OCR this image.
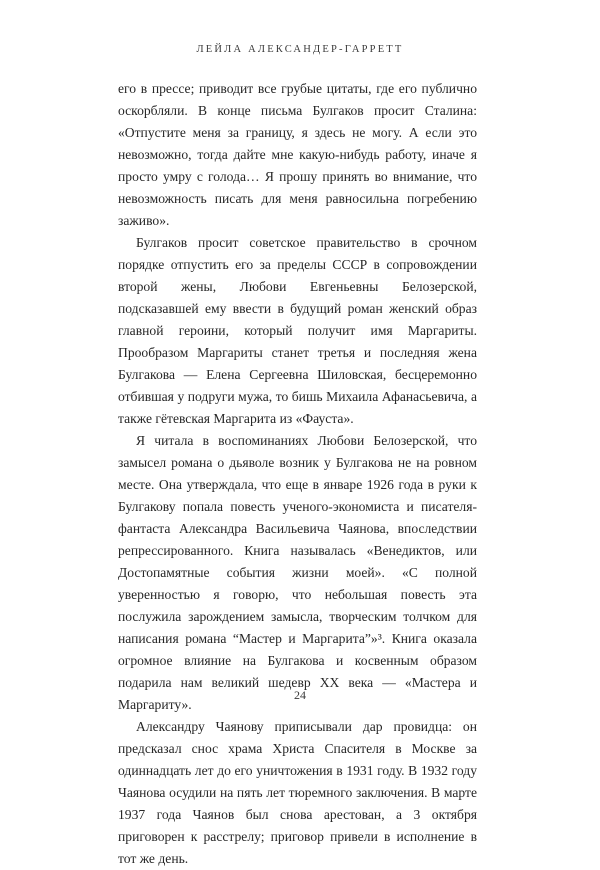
ЛЕЙЛА АЛЕКСАНДЕР-ГАРРЕТТ

его в прессе; приводит все грубые цитаты, где его публично оскорбляли. В конце письма Булгаков просит Сталина: «Отпустите меня за границу, я здесь не могу. А если это невозможно, тогда дайте мне какую-нибудь работу, иначе я просто умру с голода… Я прошу принять во внимание, что невозможность писать для меня равносильна погребению заживо».

Булгаков просит советское правительство в срочном порядке отпустить его за пределы СССР в сопровождении второй жены, Любови Евгеньевны Белозерской, подсказавшей ему ввести в будущий роман женский образ главной героини, который получит имя Маргариты. Прообразом Маргариты станет третья и последняя жена Булгакова — Елена Сергеевна Шиловская, бесцеремонно отбившая у подруги мужа, то бишь Михаила Афанасьевича, а также гётевская Маргарита из «Фауста».

Я читала в воспоминаниях Любови Белозерской, что замысел романа о дьяволе возник у Булгакова не на ровном месте. Она утверждала, что еще в январе 1926 года в руки к Булгакову попала повесть ученого-экономиста и писателя-фантаста Александра Васильевича Чаянова, впоследствии репрессированного. Книга называлась «Венедиктов, или Достопамятные события жизни моей». «С полной уверенностью я говорю, что небольшая повесть эта послужила зарождением замысла, творческим толчком для написания романа “Мастер и Маргарита”»³. Книга оказала огромное влияние на Булгакова и косвенным образом подарила нам великий шедевр XX века — «Мастера и Маргариту».

Александру Чаянову приписывали дар провидца: он предсказал снос храма Христа Спасителя в Москве за одиннадцать лет до его уничтожения в 1931 году. В 1932 году Чаянова осудили на пять лет тюремного заключения. В марте 1937 года Чаянов был снова арестован, а 3 октября приговорен к расстрелу; приговор привели в исполнение в тот же день.

24
